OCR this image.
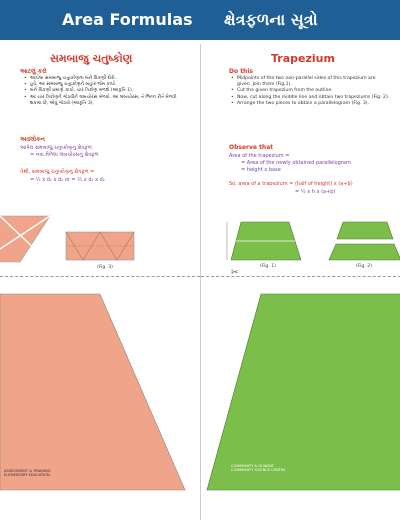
Area Formulas ક્ષેત્રફળના સૂત્રો
સમબાજુ ચતુષ્કોણ
આટલું કરો
• આપેલા સમબાજુ ચતુષ્કોણના બંને વિકર્ણો દોરો.
• હવે, આ સમબાજુ ચતુષ્કોણને બહાર જેમ કાપો.
• બંને વિકર્ણો પ્રમાણે કાપો, ચાર ત્રિકોણ મળશે (આકૃતિ 1).
• આ ચાર ત્રિકોણને ગોઠવીને લંબચોરસ મેળવો. આ લંબચોરસ, તે ભિન્ન રીતે મેળવી શકાય છે, એવું ગોઠવો (આકૃતિ 3).
અવલોકન
આપેલ સમબાજુ ચતુષ્કોણનું ક્ષેત્રફળ
= નવા મેળેલા લંબચોરસનું ક્ષેત્રફળ
તેથી, સમબાજુ ચતુષ્કોણનું ક્ષેત્રફળ =
= ½ x d₁ x d₂ or = ½ x d₁ x d₂
(Fig. 3)
ASSESSMENT & TRAINING
ELEMENTARY EDUCATION
Trapezium
Do this
• Midpoints of the two non-parallel sides of this trapezium are given. Join them (Fig.1).
• Cut the given trapezium from the outline.
• Now, cut along the middle line and obtain two trapeziums (Fig. 2).
• Arrange the two pieces to obtain a parallelogram (Fig. 3).
Observe that
Area of the trapezium =
= Area of the newly obtained parallelogram
= height x base
So, area of a trapezium = (half of height) x (a+b)
= ½ x h x (a+b)
(Fig. 1)	(Fig. 2)
✂
COMMUNITY & GUJARAT
COMMUNITY SCIENCE CENTRE
